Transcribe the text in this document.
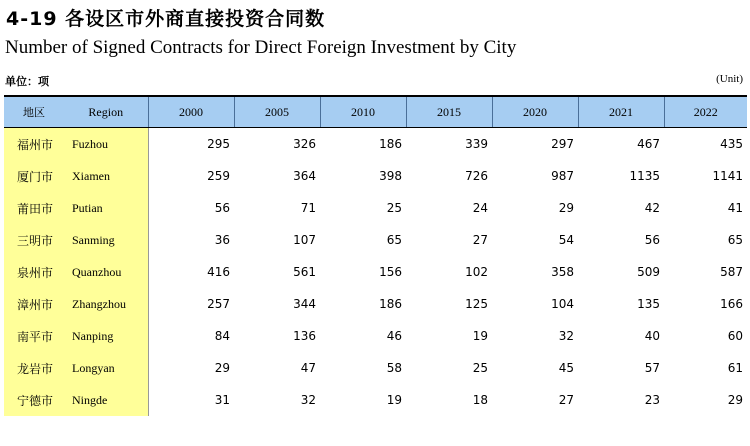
4-19 各设区市外商直接投资合同数
Number of Signed Contracts for Direct Foreign Investment by City
单位：项	(Unit)
地区	Region	2000	2005	2010	2015	2020	2021	2022
福州市	Fuzhou	295	326	186	339	297	467	435
厦门市	Xiamen	259	364	398	726	987	1135	1141
莆田市	Putian	56	71	25	24	29	42	41
三明市	Sanming	36	107	65	27	54	56	65
泉州市	Quanzhou	416	561	156	102	358	509	587
漳州市	Zhangzhou	257	344	186	125	104	135	166
南平市	Nanping	84	136	46	19	32	40	60
龙岩市	Longyan	29	47	58	25	45	57	61
宁德市	Ningde	31	32	19	18	27	23	29
